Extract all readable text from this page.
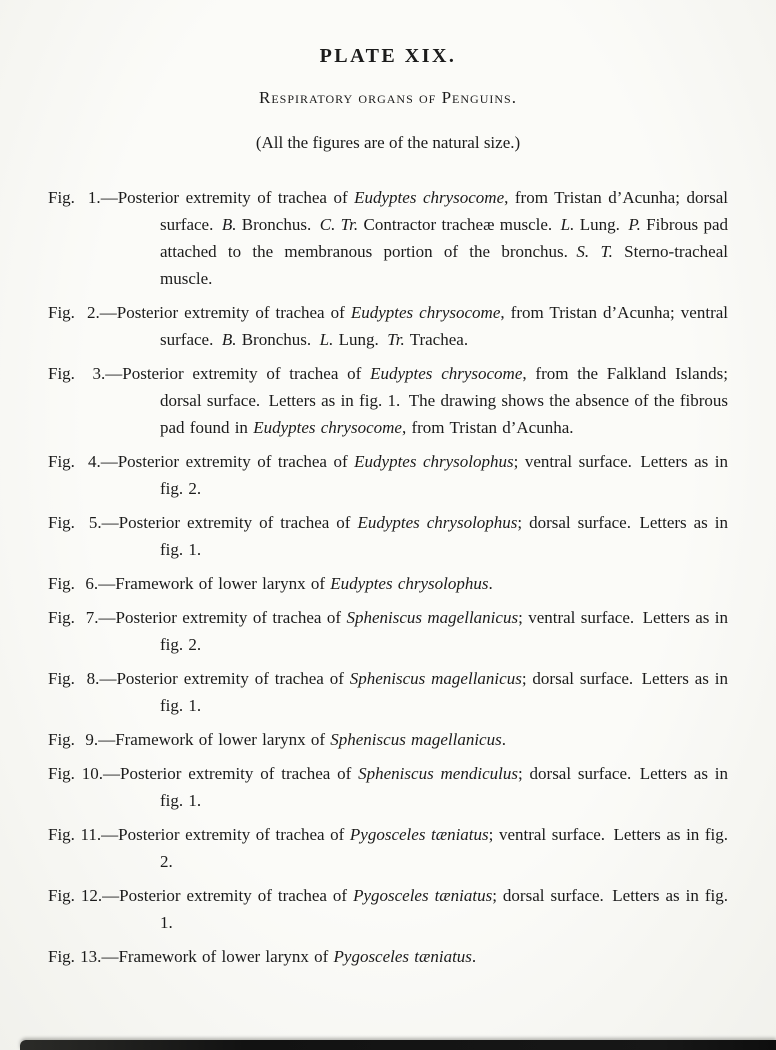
PLATE XIX.
Respiratory organs of Penguins.
(All the figures are of the natural size.)

Fig.  1.—Posterior extremity of trachea of Eudyptes chrysocome, from Tristan d’Acunha; dorsal surface. B. Bronchus. C. Tr. Contractor tracheæ muscle. L. Lung. P. Fibrous pad attached to the membranous portion of the bronchus. S. T. Sterno-tracheal muscle.

Fig.  2.—Posterior extremity of trachea of Eudyptes chrysocome, from Tristan d’Acunha; ventral surface. B. Bronchus. L. Lung. Tr. Trachea.

Fig.  3.—Posterior extremity of trachea of Eudyptes chrysocome, from the Falkland Islands; dorsal surface. Letters as in fig. 1. The drawing shows the absence of the fibrous pad found in Eudyptes chrysocome, from Tristan d’Acunha.

Fig.  4.—Posterior extremity of trachea of Eudyptes chrysolophus; ventral surface. Letters as in fig. 2.

Fig.  5.—Posterior extremity of trachea of Eudyptes chrysolophus; dorsal surface. Letters as in fig. 1.

Fig.  6.—Framework of lower larynx of Eudyptes chrysolophus.

Fig.  7.—Posterior extremity of trachea of Spheniscus magellanicus; ventral surface. Letters as in fig. 2.

Fig.  8.—Posterior extremity of trachea of Spheniscus magellanicus; dorsal surface. Letters as in fig. 1.

Fig.  9.—Framework of lower larynx of Spheniscus magellanicus.

Fig. 10.—Posterior extremity of trachea of Spheniscus mendiculus; dorsal surface. Letters as in fig. 1.

Fig. 11.—Posterior extremity of trachea of Pygosceles tæniatus; ventral surface. Letters as in fig. 2.

Fig. 12.—Posterior extremity of trachea of Pygosceles tæniatus; dorsal surface. Letters as in fig. 1.

Fig. 13.—Framework of lower larynx of Pygosceles tæniatus.
